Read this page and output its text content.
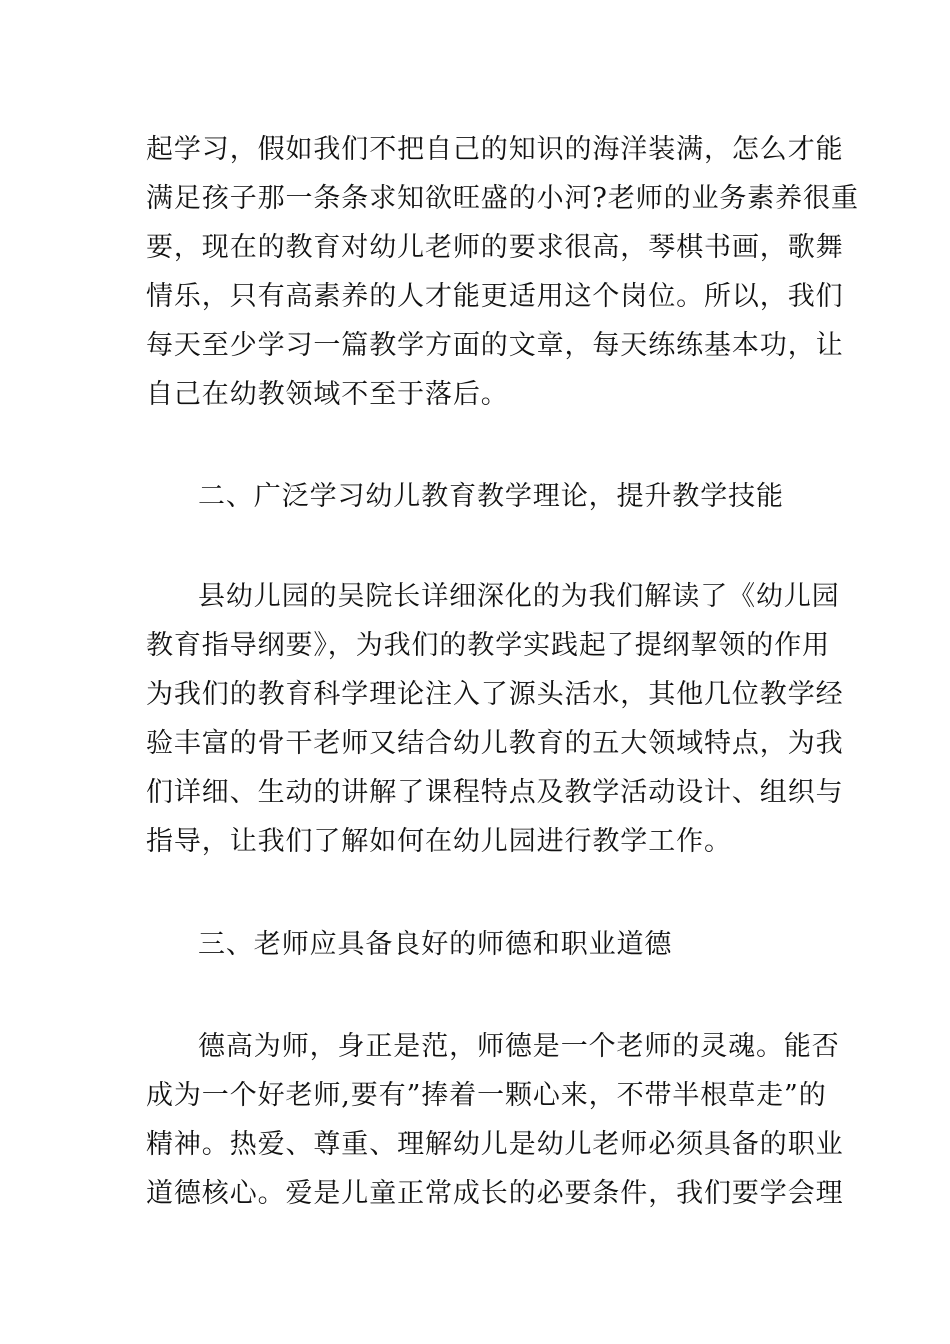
起学习，假如我们不把自己的知识的海洋装满，怎么才能

满足孩子那一条条求知欲旺盛的小河?老师的业务素养很重

要，现在的教育对幼儿老师的要求很高，琴棋书画，歌舞

情乐，只有高素养的人才能更适用这个岗位。所以，我们

每天至少学习一篇教学方面的文章，每天练练基本功，让

自己在幼教领域不至于落后。

二、广泛学习幼儿教育教学理论，提升教学技能

县幼儿园的吴院长详细深化的为我们解读了《幼儿园

教育指导纲要》，为我们的教学实践起了提纲挈领的作用

为我们的教育科学理论注入了源头活水，其他几位教学经

验丰富的骨干老师又结合幼儿教育的五大领域特点，为我

们详细、生动的讲解了课程特点及教学活动设计、组织与

指导，让我们了解如何在幼儿园进行教学工作。

三、老师应具备良好的师德和职业道德

德高为师，身正是范，师德是一个老师的灵魂。能否

成为一个好老师,要有”捧着一颗心来，不带半根草走”的

精神。热爱、尊重、理解幼儿是幼儿老师必须具备的职业

道德核心。爱是儿童正常成长的必要条件，我们要学会理
